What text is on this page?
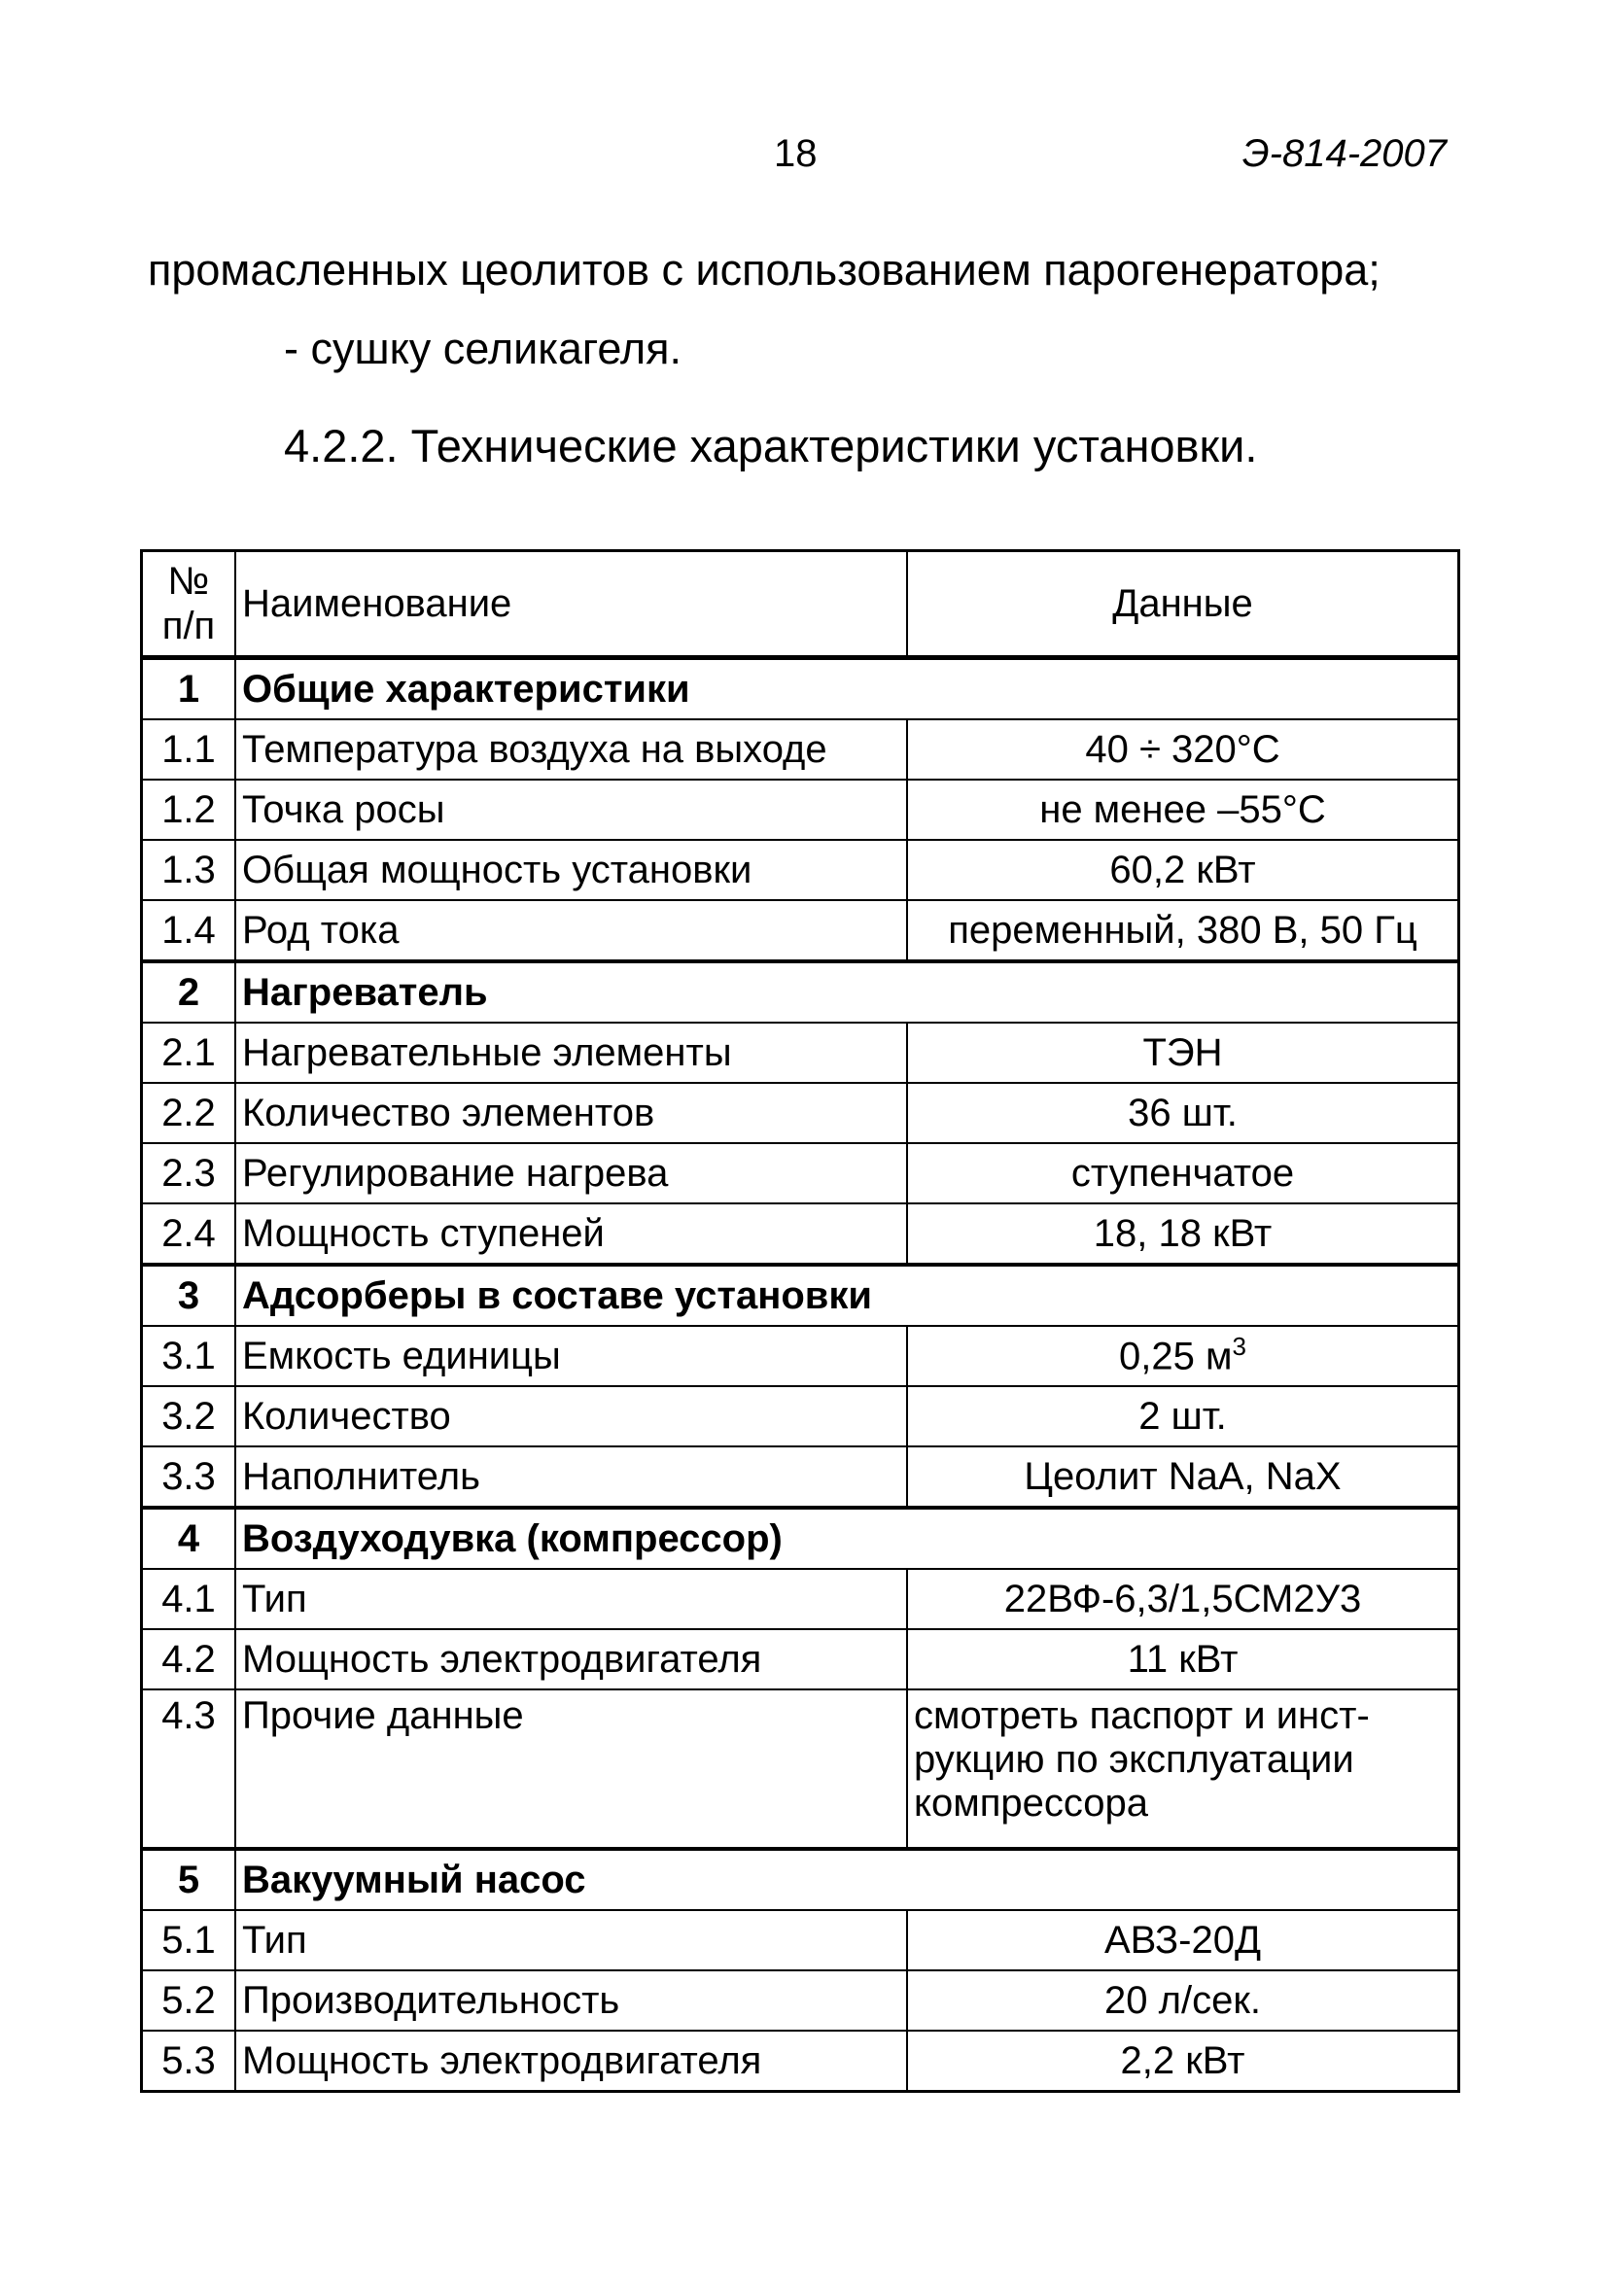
18	Э-814-2007
промасленных цеолитов с использованием парогенератора;
- сушку селикагеля.
4.2.2. Технические характеристики установки.
№
п/п	Наименование	Данные
1	Общие характеристики	
1.1	Температура воздуха на выходе	40 ÷ 320°С
1.2	Точка росы	не менее –55°С
1.3	Общая мощность установки	60,2 кВт
1.4	Род тока	переменный, 380 В, 50 Гц
2	Нагреватель	
2.1	Нагревательные элементы	ТЭН
2.2	Количество элементов	36 шт.
2.3	Регулирование нагрева	ступенчатое
2.4	Мощность ступеней	18, 18 кВт
3	Адсорберы в составе установки	
3.1	Емкость единицы	0,25 $м^3$
3.2	Количество	2 шт.
3.3	Наполнитель	Цеолит NaA, NaX
4	Воздуходувка (компрессор)	
4.1	Тип	22ВФ-6,3/1,5СМ2У3
4.2	Мощность электродвигателя	11 кВт
4.3	Прочие данные	смотреть паспорт и инст-
рукцию по эксплуатации
компрессора

5	Вакуумный насос	
5.1	Тип	АВЗ-20Д
5.2	Производительность	20 л/сек.
5.3	Мощность электродвигателя	2,2 кВт
